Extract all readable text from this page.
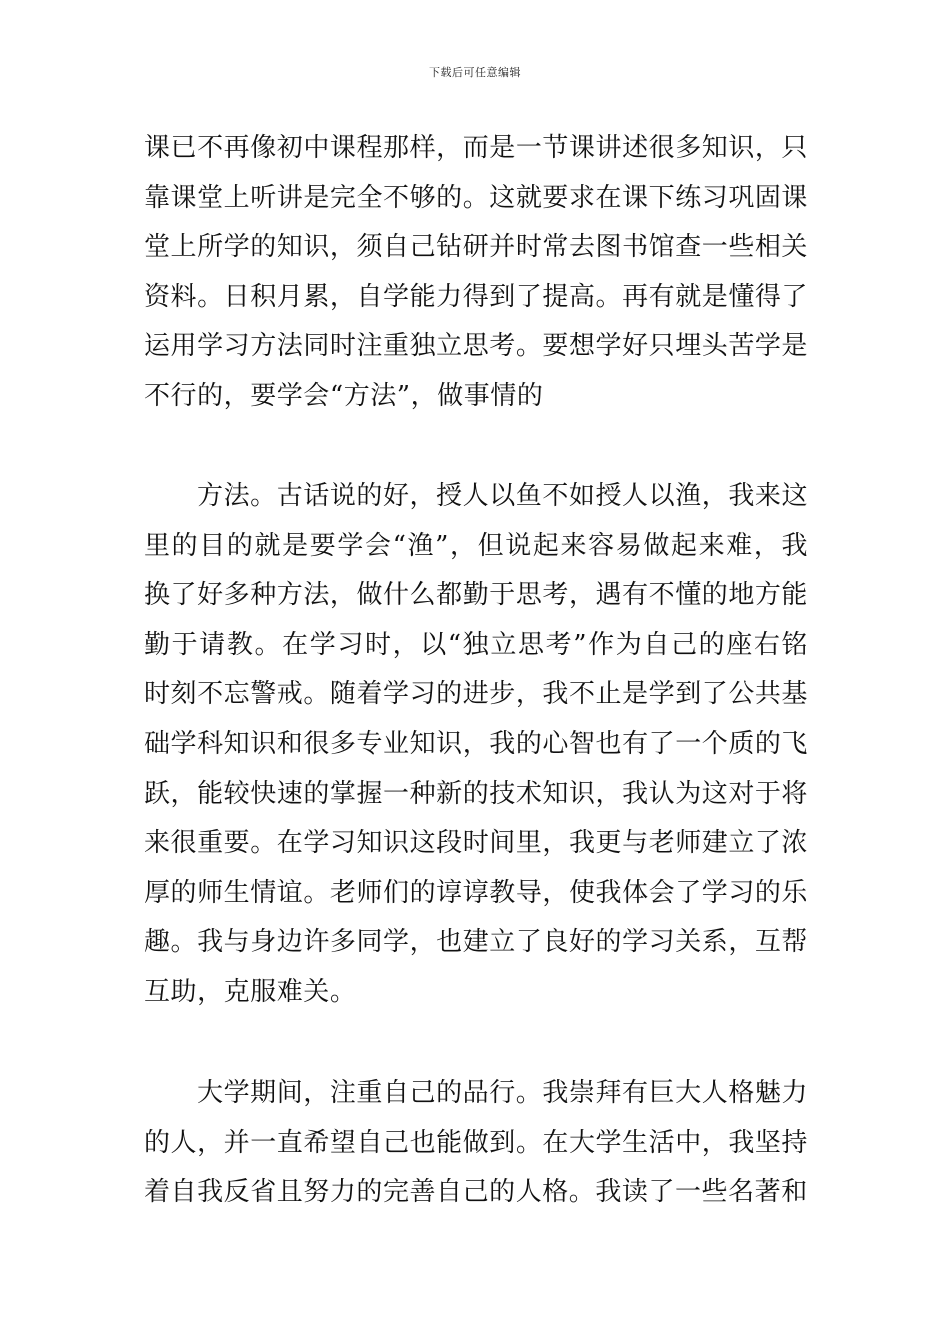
下载后可任意编辑

课已不再像初中课程那样，而是一节课讲述很多知识，只靠课堂上听讲是完全不够的。这就要求在课下练习巩固课堂上所学的知识，须自己钻研并时常去图书馆查一些相关资料。日积月累，自学能力得到了提高。再有就是懂得了运用学习方法同时注重独立思考。要想学好只埋头苦学是不行的，要学会“方法”，做事情的

方法。古话说的好，授人以鱼不如授人以渔，我来这里的目的就是要学会“渔”，但说起来容易做起来难，我换了好多种方法，做什么都勤于思考，遇有不懂的地方能勤于请教。在学习时，以“独立思考”作为自己的座右铭时刻不忘警戒。随着学习的进步，我不止是学到了公共基础学科知识和很多专业知识，我的心智也有了一个质的飞跃，能较快速的掌握一种新的技术知识，我认为这对于将来很重要。在学习知识这段时间里，我更与老师建立了浓厚的师生情谊。老师们的谆谆教导，使我体会了学习的乐趣。我与身边许多同学，也建立了良好的学习关系，互帮互助，克服难关。

大学期间，注重自己的品行。我崇拜有巨大人格魅力的人，并一直希望自己也能做到。在大学生活中，我坚持着自我反省且努力的完善自己的人格。我读了一些名著和
